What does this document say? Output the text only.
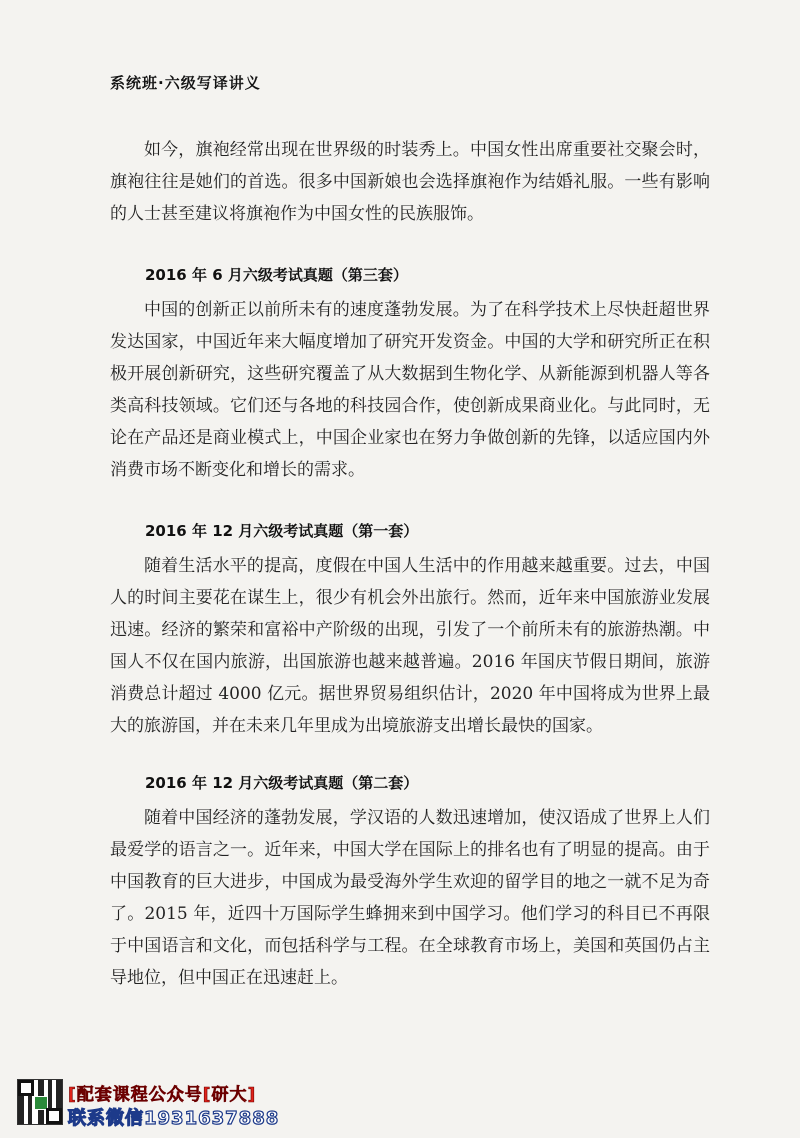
系统班·六级写译讲义

如今，旗袍经常出现在世界级的时装秀上。中国女性出席重要社交聚会时，旗袍往往是她们的首选。很多中国新娘也会选择旗袍作为结婚礼服。一些有影响的人士甚至建议将旗袍作为中国女性的民族服饰。

2016 年 6 月六级考试真题（第三套）

中国的创新正以前所未有的速度蓬勃发展。为了在科学技术上尽快赶超世界发达国家，中国近年来大幅度增加了研究开发资金。中国的大学和研究所正在积极开展创新研究，这些研究覆盖了从大数据到生物化学、从新能源到机器人等各类高科技领域。它们还与各地的科技园合作，使创新成果商业化。与此同时，无论在产品还是商业模式上，中国企业家也在努力争做创新的先锋，以适应国内外消费市场不断变化和增长的需求。

2016 年 12 月六级考试真题（第一套）

随着生活水平的提高，度假在中国人生活中的作用越来越重要。过去，中国人的时间主要花在谋生上，很少有机会外出旅行。然而，近年来中国旅游业发展迅速。经济的繁荣和富裕中产阶级的出现，引发了一个前所未有的旅游热潮。中国人不仅在国内旅游，出国旅游也越来越普遍。2016 年国庆节假日期间，旅游消费总计超过 4000 亿元。据世界贸易组织估计，2020 年中国将成为世界上最大的旅游国，并在未来几年里成为出境旅游支出增长最快的国家。

2016 年 12 月六级考试真题（第二套）

随着中国经济的蓬勃发展，学汉语的人数迅速增加，使汉语成了世界上人们最爱学的语言之一。近年来，中国大学在国际上的排名也有了明显的提高。由于中国教育的巨大进步，中国成为最受海外学生欢迎的留学目的地之一就不足为奇了。2015 年，近四十万国际学生蜂拥来到中国学习。他们学习的科目已不再限于中国语言和文化，而包括科学与工程。在全球教育市场上，美国和英国仍占主导地位，但中国正在迅速赶上。

[配套课程公众号[研大]
联系微信1931637888
